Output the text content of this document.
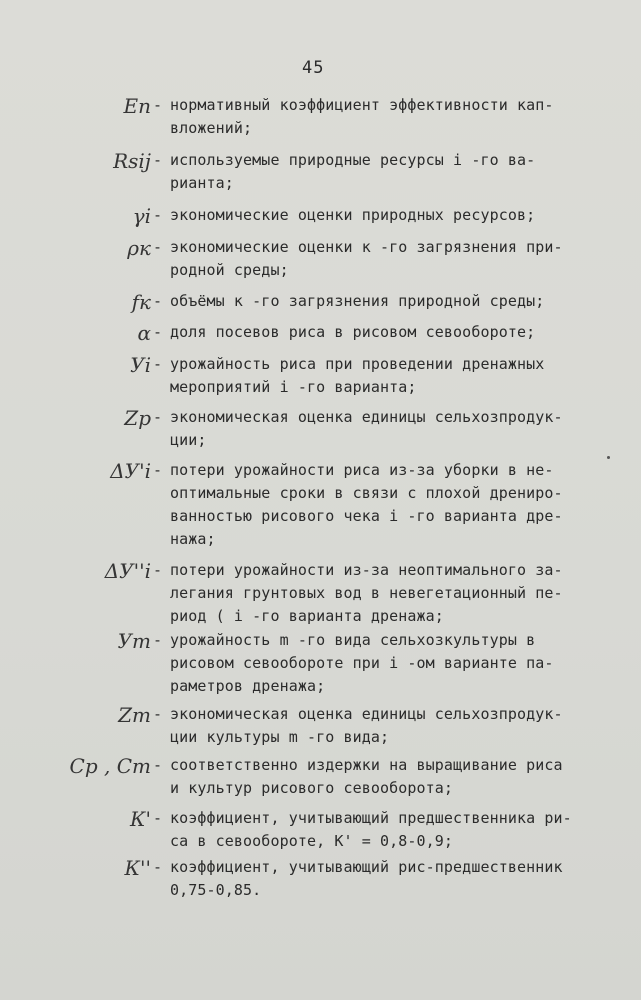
45
Еп - нормативный коэффициент эффективности кап-
вложений;
Rsij - используемые природные ресурсы i -го ва-
рианта;
γi - экономические оценки природных ресурсов;
ρк - экономические оценки к -го загрязнения при-
родной среды;
fк - объёмы к -го загрязнения природной среды;
α - доля посевов риса в рисовом севообороте;
Уi - урожайность риса при проведении дренажных
мероприятий i -го варианта;
Zp - экономическая оценка единицы сельхозпродук-
ции;
ΔУ'i - потери урожайности риса из-за уборки в не-
оптимальные сроки в связи с плохой дрениро-
ванностью рисового чека i -го варианта дре-
нажа;
ΔУ''i - потери урожайности из-за неоптимального за-
легания грунтовых вод в невегетационный пе-
риод ( i -го варианта дренажа;
Уm - урожайность m -го вида сельхозкультуры в
рисовом севообороте при i -ом варианте па-
раметров дренажа;
Zm - экономическая оценка единицы сельхозпродук-
ции культуры m -го вида;
Cp , Cm - соответственно издержки на выращивание риса
и культур рисового севооборота;
К' - коэффициент, учитывающий предшественника ри-
са в севообороте, К' = 0,8-0,9;
К'' - коэффициент, учитывающий рис-предшественник
0,75-0,85.
